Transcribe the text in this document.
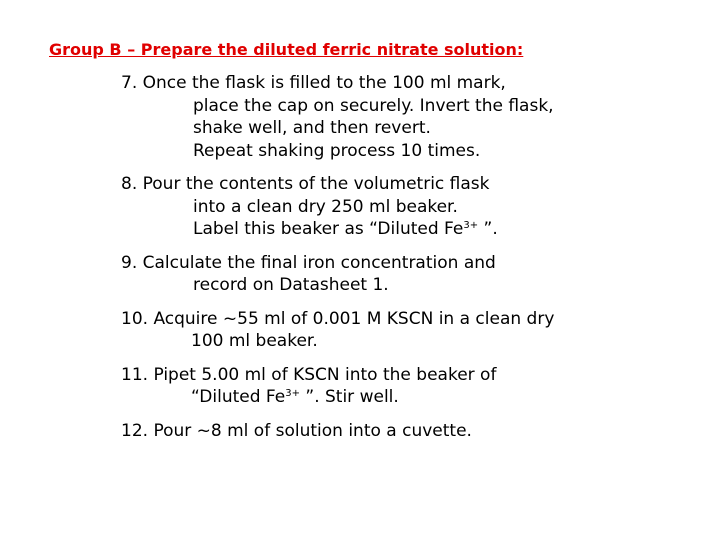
Group B – Prepare the diluted ferric nitrate solution:
7. Once the flask is filled to the 100 ml mark,
place the cap on securely. Invert the flask,
shake well, and then revert.
Repeat shaking process 10 times.
8. Pour the contents of the volumetric flask
into a clean dry 250 ml beaker.
Label this beaker as “Diluted $Fe^{3+}$ ”.
9. Calculate the final iron concentration and
record on Datasheet 1.
10. Acquire ~55 ml of 0.001 M KSCN in a clean dry
100 ml beaker.
11. Pipet 5.00 ml of KSCN into the beaker of
“Diluted $Fe^{3+}$ ”. Stir well.
12. Pour ~8 ml of solution into a cuvette.
